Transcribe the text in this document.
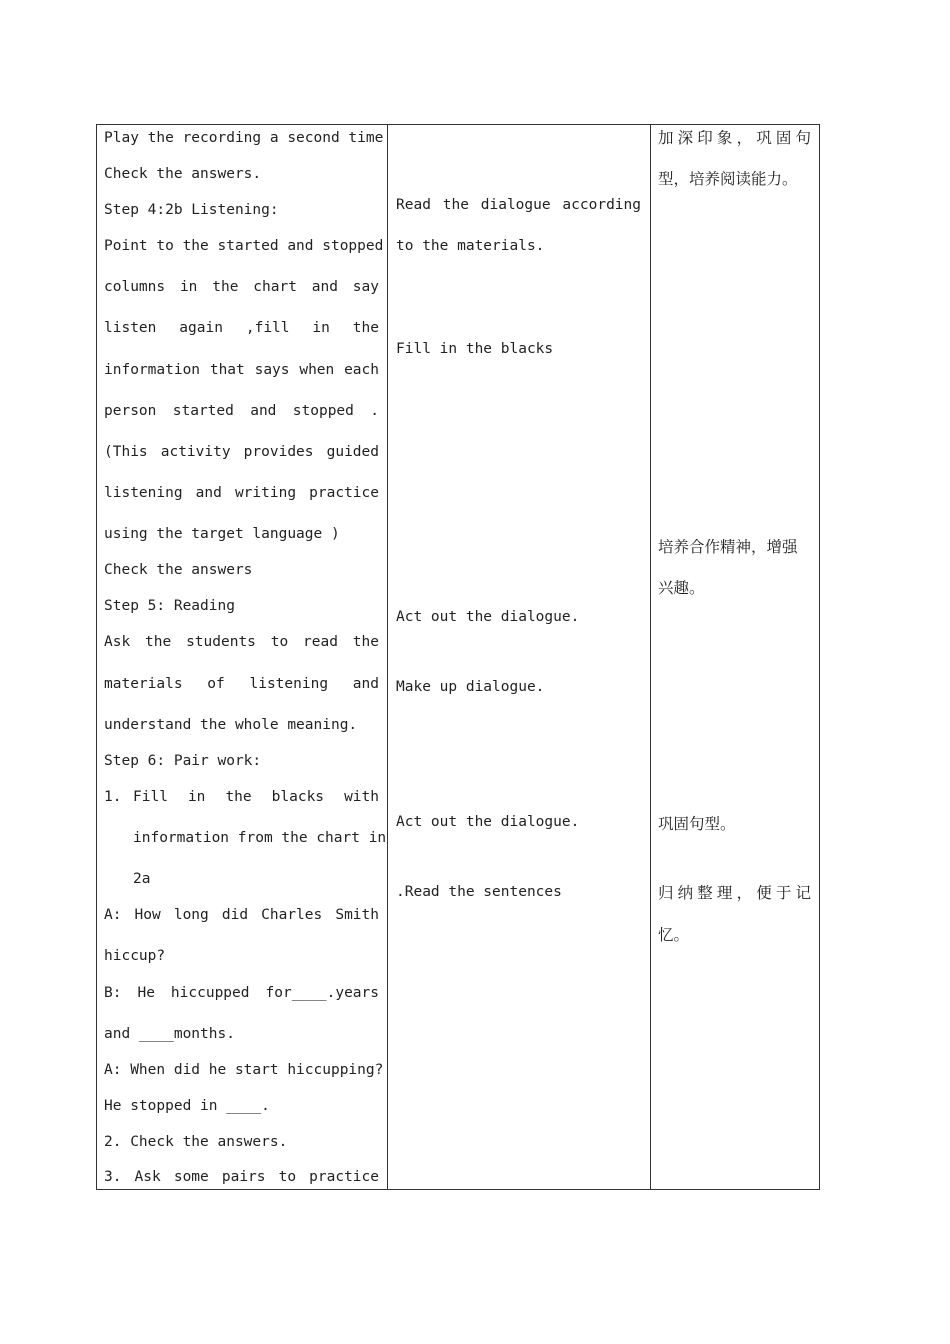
Play the recording a second time
Check the answers.
Step 4:2b Listening:
Point to the started and stopped
columns in the chart and say
listen again ,fill in the
information that says when each
person started and stopped .
(This activity provides guided
listening and writing practice
using the target language )
Check the answers
Step 5: Reading
Ask the students to read the
materials of listening and
understand the whole meaning.
Step 6: Pair work:
1. Fill in the blacks with
information from the chart in
2a
A: How long did Charles Smith
hiccup?
B: He hiccupped for____.years
and ____months.
A: When did he start hiccupping?
He stopped in ____.
2. Check the answers.
3. Ask some pairs to practice
Read the dialogue according
to the materials.
Fill in the blacks
Act out the dialogue.
Make up dialogue.
Act out the dialogue.
.Read the sentences
加深印象，巩固句
型，培养阅读能力。
培养合作精神，增强
兴趣。
巩固句型。
归纳整理，便于记
忆。
